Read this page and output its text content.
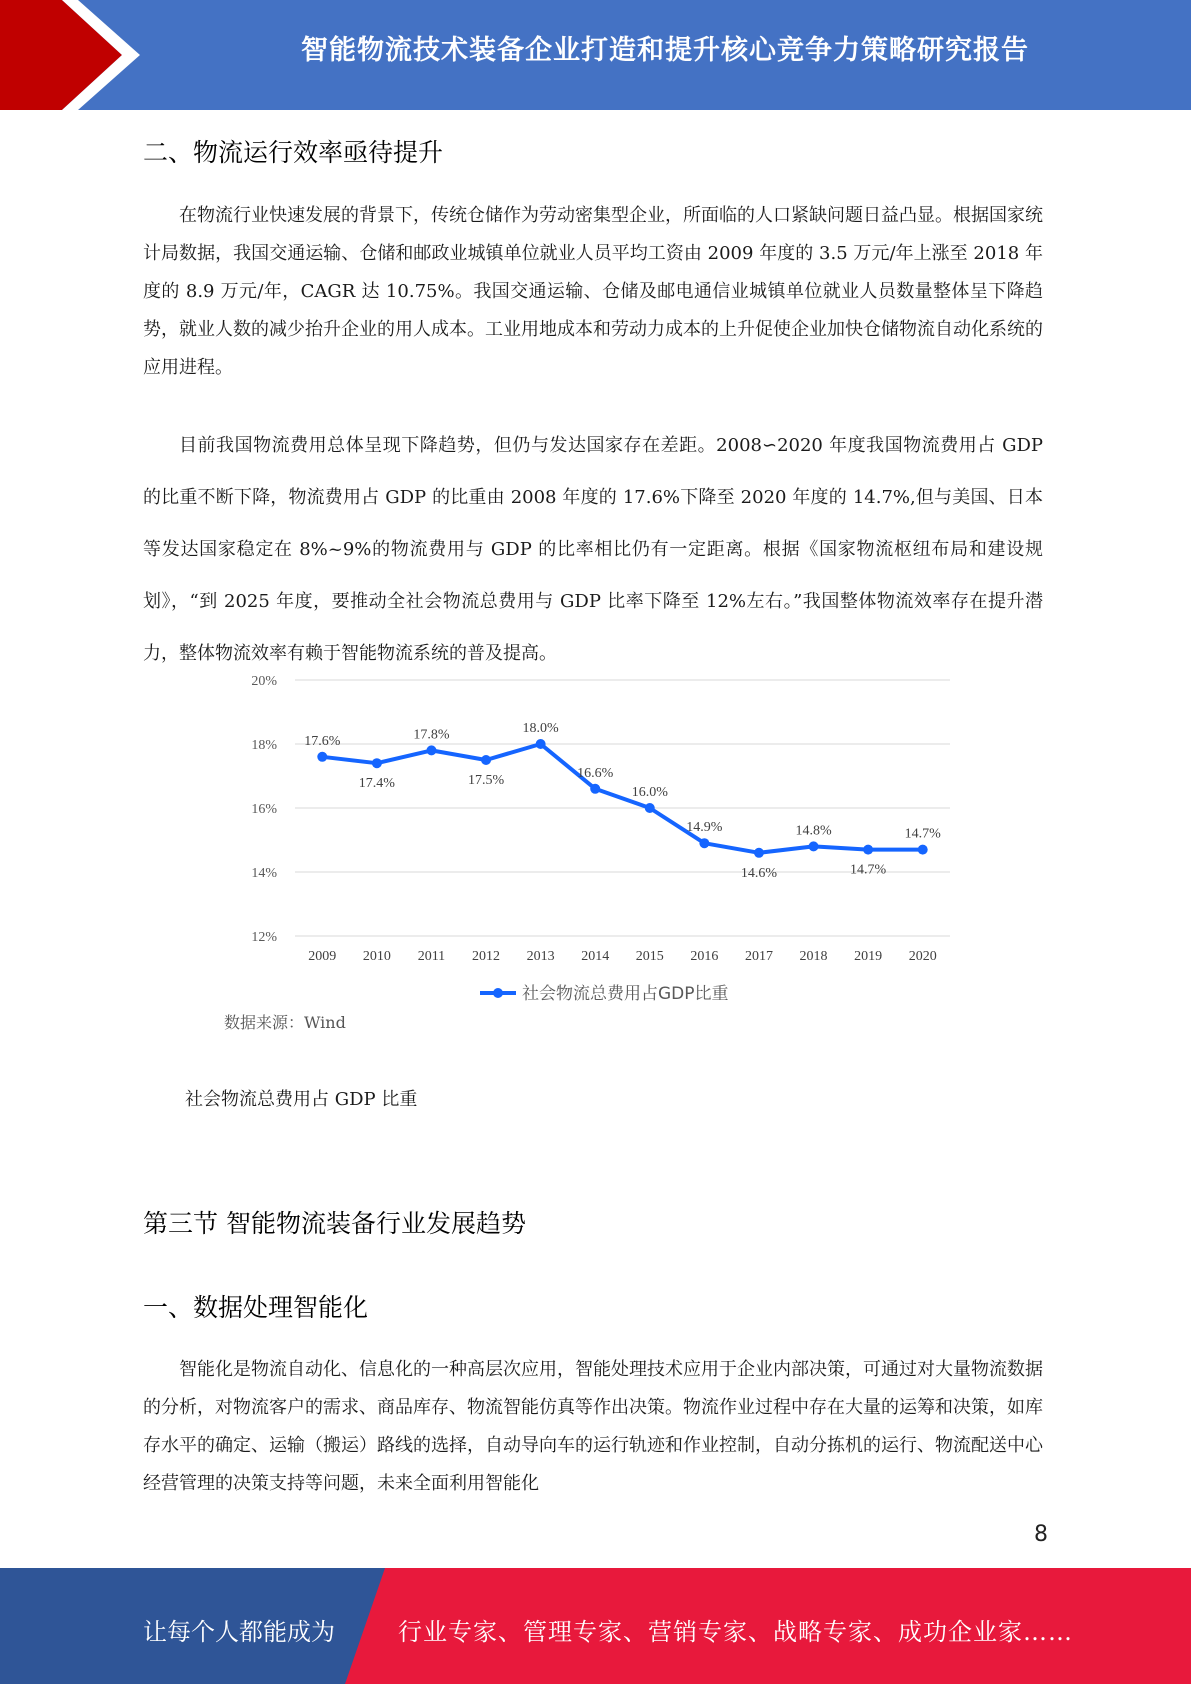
智能物流技术装备企业打造和提升核心竞争力策略研究报告
二、物流运行效率亟待提升

在物流行业快速发展的背景下，传统仓储作为劳动密集型企业，所面临的人口紧缺问题日益凸显。根据国家统计局数据，我国交通运输、仓储和邮政业城镇单位就业人员平均工资由 2009 年度的 3.5 万元/年上涨至 2018 年度的 8.9 万元/年，CAGR 达 10.75%。我国交通运输、仓储及邮电通信业城镇单位就业人员数量整体呈下降趋势，就业人数的减少抬升企业的用人成本。工业用地成本和劳动力成本的上升促使企业加快仓储物流自动化系统的应用进程。

目前我国物流费用总体呈现下降趋势，但仍与发达国家存在差距。2008∽2020 年度我国物流费用占 GDP 的比重不断下降，物流费用占 GDP 的比重由 2008 年度的 17.6%下降至 2020 年度的 14.7%,但与美国、日本等发达国家稳定在 8%~9%的物流费用与 GDP 的比率相比仍有一定距离。根据《国家物流枢纽布局和建设规划》，“到 2025 年度，要推动全社会物流总费用与 GDP 比率下降至 12%左右。”我国整体物流效率存在提升潜力，整体物流效率有赖于智能物流系统的普及提高。

12%
14%
16%
18%
20%
2009 2010 2011 2012 2013 2014 2015 2016 2017 2018 2019 2020
17.6%
17.4%
17.8%
17.5%
18.0%
16.6%
16.0%
14.9%
14.6%
14.8%
14.7%
14.7%
社会物流总费用占GDP比重

数据来源：Wind

社会物流总费用占 GDP 比重

第三节 智能物流装备行业发展趋势
一、数据处理智能化

智能化是物流自动化、信息化的一种高层次应用，智能处理技术应用于企业内部决策，可通过对大量物流数据的分析，对物流客户的需求、商品库存、物流智能仿真等作出决策。物流作业过程中存在大量的运筹和决策，如库存水平的确定、运输（搬运）路线的选择，自动导向车的运行轨迹和作业控制，自动分拣机的运行、物流配送中心经营管理的决策支持等问题，未来全面利用智能化

8
让每个人都能成为	行业专家、管理专家、营销专家、战略专家、成功企业家……
